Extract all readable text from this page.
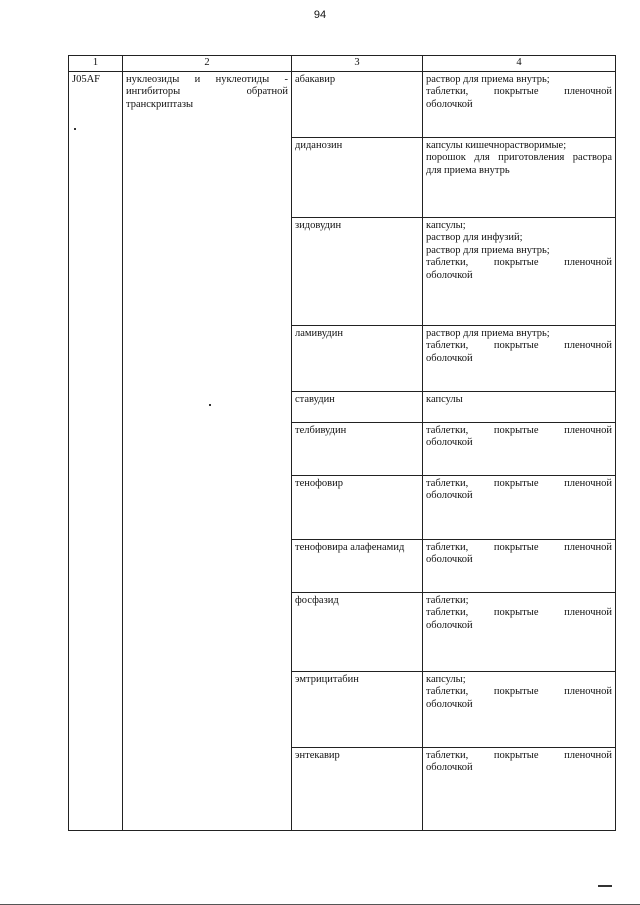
94
1	2	3	4
J05AF	нуклеозиды и нуклеотиды - ингибиторы обратной транскриптазы	абакавир	раствор для приема внутрь;
таблетки, покрытые пленочной оболочкой

		диданозин	капсулы кишечнорастворимые;
порошок для приготовления раствора для приема внутрь

		зидовудин	капсулы;
раствор для инфузий;
раствор для приема внутрь;
таблетки, покрытые пленочной оболочкой

		ламивудин	раствор для приема внутрь;
таблетки, покрытые пленочной оболочкой

		ставудин	капсулы

		телбивудин	таблетки, покрытые пленочной оболочкой

		тенофовир	таблетки, покрытые пленочной оболочкой

		тенофовира алафенамид	таблетки, покрытые пленочной оболочкой

		фосфазид	таблетки;
таблетки, покрытые пленочной оболочкой

		эмтрицитабин	капсулы;
таблетки, покрытые пленочной оболочкой

		энтекавир	таблетки, покрытые пленочной оболочкой
